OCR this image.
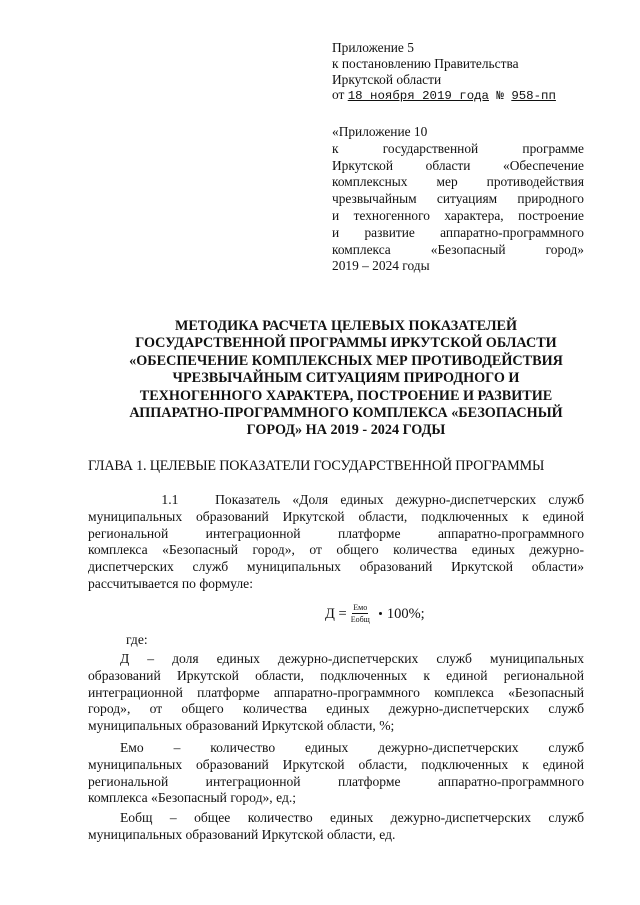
Приложение 5
к постановлению Правительства
Иркутской области
от 18 ноября 2019 года № 958-пп
«Приложение 10
к государственной программе
Иркутской области «Обеспечение
комплексных мер противодействия
чрезвычайным ситуациям природного
и техногенного характера, построение
и развитие аппаратно-программного
комплекса «Безопасный город»
2019 – 2024 годы
МЕТОДИКА РАСЧЕТА ЦЕЛЕВЫХ ПОКАЗАТЕЛЕЙ
ГОСУДАРСТВЕННОЙ ПРОГРАММЫ ИРКУТСКОЙ ОБЛАСТИ
«ОБЕСПЕЧЕНИЕ КОМПЛЕКСНЫХ МЕР ПРОТИВОДЕЙСТВИЯ
ЧРЕЗВЫЧАЙНЫМ СИТУАЦИЯМ ПРИРОДНОГО И
ТЕХНОГЕННОГО ХАРАКТЕРА, ПОСТРОЕНИЕ И РАЗВИТИЕ
АППАРАТНО-ПРОГРАММНОГО КОМПЛЕКСА «БЕЗОПАСНЫЙ
ГОРОД» НА 2019 - 2024 ГОДЫ
ГЛАВА 1. ЦЕЛЕВЫЕ ПОКАЗАТЕЛИ ГОСУДАРСТВЕННОЙ ПРОГРАММЫ
1.1   Показатель «Доля единых дежурно-диспетчерских служб
муниципальных образований Иркутской области, подключенных к единой
региональной интеграционной платформе аппаратно-программного
комплекса «Безопасный город», от общего количества единых дежурно-
диспетчерских служб муниципальных образований Иркутской области»
рассчитывается по формуле:
$Д = \frac{\text{Емо}}{\text{Еобщ}} 100\%$;
где:
Д – доля единых дежурно-диспетчерских служб муниципальных
образований Иркутской области, подключенных к единой региональной
интеграционной платформе аппаратно-программного комплекса «Безопасный
город», от общего количества единых дежурно-диспетчерских служб
муниципальных образований Иркутской области, %;
Емо – количество единых дежурно-диспетчерских служб
муниципальных образований Иркутской области, подключенных к единой
региональной интеграционной платформе аппаратно-программного
комплекса «Безопасный город», ед.;
Еобщ – общее количество единых дежурно-диспетчерских служб
муниципальных образований Иркутской области, ед.
